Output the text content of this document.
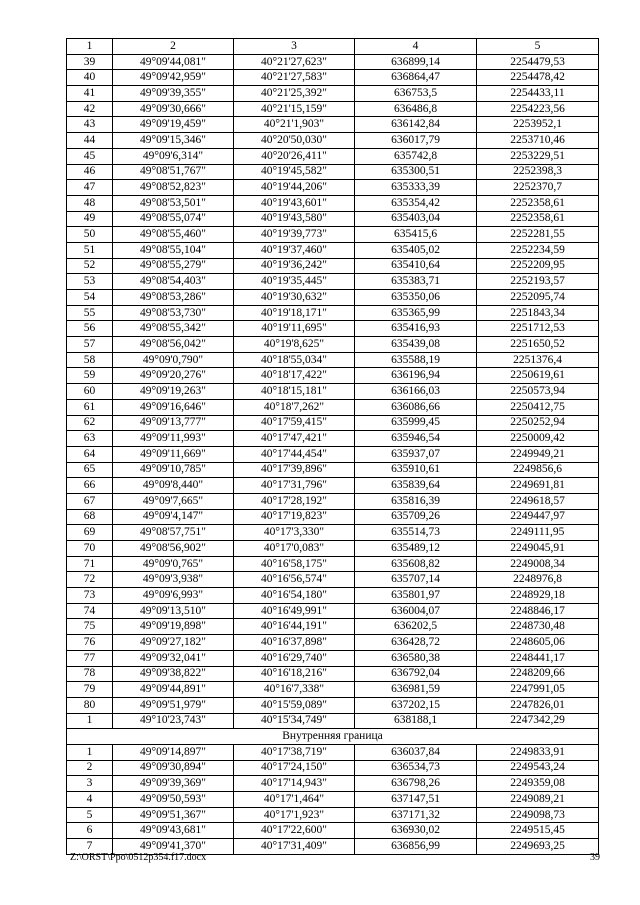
1	2	3	4	5
39	49°09'44,081"	40°21'27,623"	636899,14	2254479,53
40	49°09'42,959"	40°21'27,583"	636864,47	2254478,42
41	49°09'39,355"	40°21'25,392"	636753,5	2254433,11
42	49°09'30,666"	40°21'15,159"	636486,8	2254223,56
43	49°09'19,459"	40°21'1,903"	636142,84	2253952,1
44	49°09'15,346"	40°20'50,030"	636017,79	2253710,46
45	49°09'6,314"	40°20'26,411"	635742,8	2253229,51
46	49°08'51,767"	40°19'45,582"	635300,51	2252398,3
47	49°08'52,823"	40°19'44,206"	635333,39	2252370,7
48	49°08'53,501"	40°19'43,601"	635354,42	2252358,61
49	49°08'55,074"	40°19'43,580"	635403,04	2252358,61
50	49°08'55,460"	40°19'39,773"	635415,6	2252281,55
51	49°08'55,104"	40°19'37,460"	635405,02	2252234,59
52	49°08'55,279"	40°19'36,242"	635410,64	2252209,95
53	49°08'54,403"	40°19'35,445"	635383,71	2252193,57
54	49°08'53,286"	40°19'30,632"	635350,06	2252095,74
55	49°08'53,730"	40°19'18,171"	635365,99	2251843,34
56	49°08'55,342"	40°19'11,695"	635416,93	2251712,53
57	49°08'56,042"	40°19'8,625"	635439,08	2251650,52
58	49°09'0,790"	40°18'55,034"	635588,19	2251376,4
59	49°09'20,276"	40°18'17,422"	636196,94	2250619,61
60	49°09'19,263"	40°18'15,181"	636166,03	2250573,94
61	49°09'16,646"	40°18'7,262"	636086,66	2250412,75
62	49°09'13,777"	40°17'59,415"	635999,45	2250252,94
63	49°09'11,993"	40°17'47,421"	635946,54	2250009,42
64	49°09'11,669"	40°17'44,454"	635937,07	2249949,21
65	49°09'10,785"	40°17'39,896"	635910,61	2249856,6
66	49°09'8,440"	40°17'31,796"	635839,64	2249691,81
67	49°09'7,665"	40°17'28,192"	635816,39	2249618,57
68	49°09'4,147"	40°17'19,823"	635709,26	2249447,97
69	49°08'57,751"	40°17'3,330"	635514,73	2249111,95
70	49°08'56,902"	40°17'0,083"	635489,12	2249045,91
71	49°09'0,765"	40°16'58,175"	635608,82	2249008,34
72	49°09'3,938"	40°16'56,574"	635707,14	2248976,8
73	49°09'6,993"	40°16'54,180"	635801,97	2248929,18
74	49°09'13,510"	40°16'49,991"	636004,07	2248846,17
75	49°09'19,898"	40°16'44,191"	636202,5	2248730,48
76	49°09'27,182"	40°16'37,898"	636428,72	2248605,06
77	49°09'32,041"	40°16'29,740"	636580,38	2248441,17
78	49°09'38,822"	40°16'18,216"	636792,04	2248209,66
79	49°09'44,891"	40°16'7,338"	636981,59	2247991,05
80	49°09'51,979"	40°15'59,089"	637202,15	2247826,01
1	49°10'23,743"	40°15'34,749"	638188,1	2247342,29
Внутренняя граница				
1	49°09'14,897"	40°17'38,719"	636037,84	2249833,91
2	49°09'30,894"	40°17'24,150"	636534,73	2249543,24
3	49°09'39,369"	40°17'14,943"	636798,26	2249359,08
4	49°09'50,593"	40°17'1,464"	637147,51	2249089,21
5	49°09'51,367"	40°17'1,923"	637171,32	2249098,73
6	49°09'43,681"	40°17'22,600"	636930,02	2249515,45
7	49°09'41,370"	40°17'31,409"	636856,99	2249693,25
Z:\ORST\Ppo\0512p354.f17.docx	39
